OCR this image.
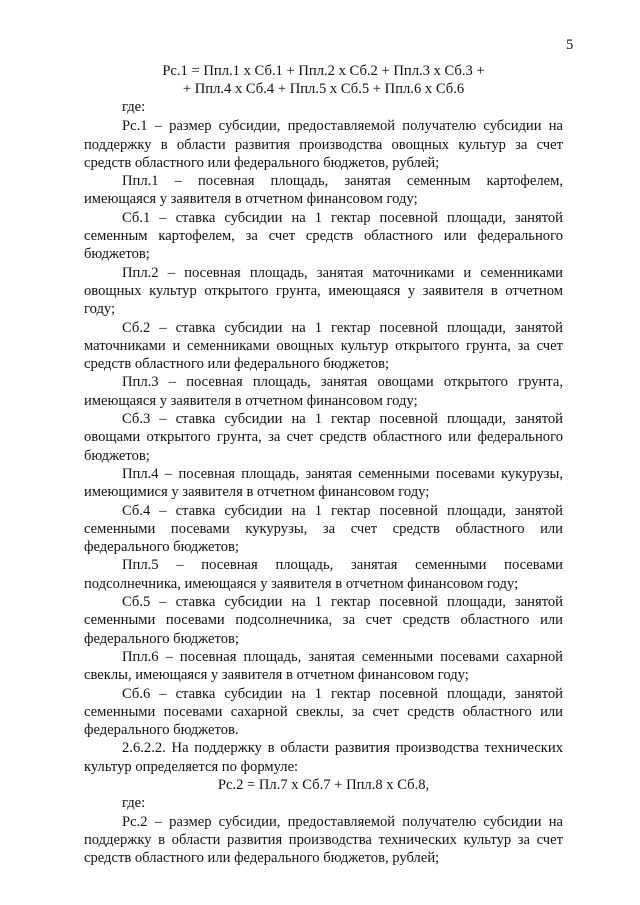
5
Рс.1 = Ппл.1 х Сб.1 + Ппл.2 х Сб.2 + Ппл.3 х Сб.3 +
+ Ппл.4 х Сб.4 + Ппл.5 х Сб.5 + Ппл.6 х Сб.6

где:

Рс.1 – размер субсидии, предоставляемой получателю субсидии на поддержку в области развития производства овощных культур за счет средств областного или федерального бюджетов, рублей;

Ппл.1 – посевная площадь, занятая семенным картофелем, имеющаяся у заявителя в отчетном финансовом году;

Сб.1 – ставка субсидии на 1 гектар посевной площади, занятой семенным картофелем, за счет средств областного или федерального бюджетов;

Ппл.2 – посевная площадь, занятая маточниками и семенниками овощных культур открытого грунта, имеющаяся у заявителя в отчетном году;

Сб.2 – ставка субсидии на 1 гектар посевной площади, занятой маточниками и семенниками овощных культур открытого грунта, за счет средств областного или федерального бюджетов;

Ппл.3 – посевная площадь, занятая овощами открытого грунта, имеющаяся у заявителя в отчетном финансовом году;

Сб.3 – ставка субсидии на 1 гектар посевной площади, занятой овощами открытого грунта, за счет средств областного или федерального бюджетов;

Ппл.4 – посевная площадь, занятая семенными посевами кукурузы, имеющимися у заявителя в отчетном финансовом году;

Сб.4 – ставка субсидии на 1 гектар посевной площади, занятой семенными посевами кукурузы, за счет средств областного или федерального бюджетов;

Ппл.5 – посевная площадь, занятая семенными посевами подсолнечника, имеющаяся у заявителя в отчетном финансовом году;

Сб.5 – ставка субсидии на 1 гектар посевной площади, занятой семенными посевами подсолнечника, за счет средств областного или федерального бюджетов;

Ппл.6 – посевная площадь, занятая семенными посевами сахарной свеклы, имеющаяся у заявителя в отчетном финансовом году;

Сб.6 – ставка субсидии на 1 гектар посевной площади, занятой семенными посевами сахарной свеклы, за счет средств областного или федерального бюджетов.

2.6.2.2. На поддержку в области развития производства технических культур определяется по формуле:

Рс.2 = Пл.7 х Сб.7 + Ппл.8 х Сб.8,

где:

Рс.2 – размер субсидии, предоставляемой получателю субсидии на поддержку в области развития производства технических культур за счет средств областного или федерального бюджетов, рублей;
